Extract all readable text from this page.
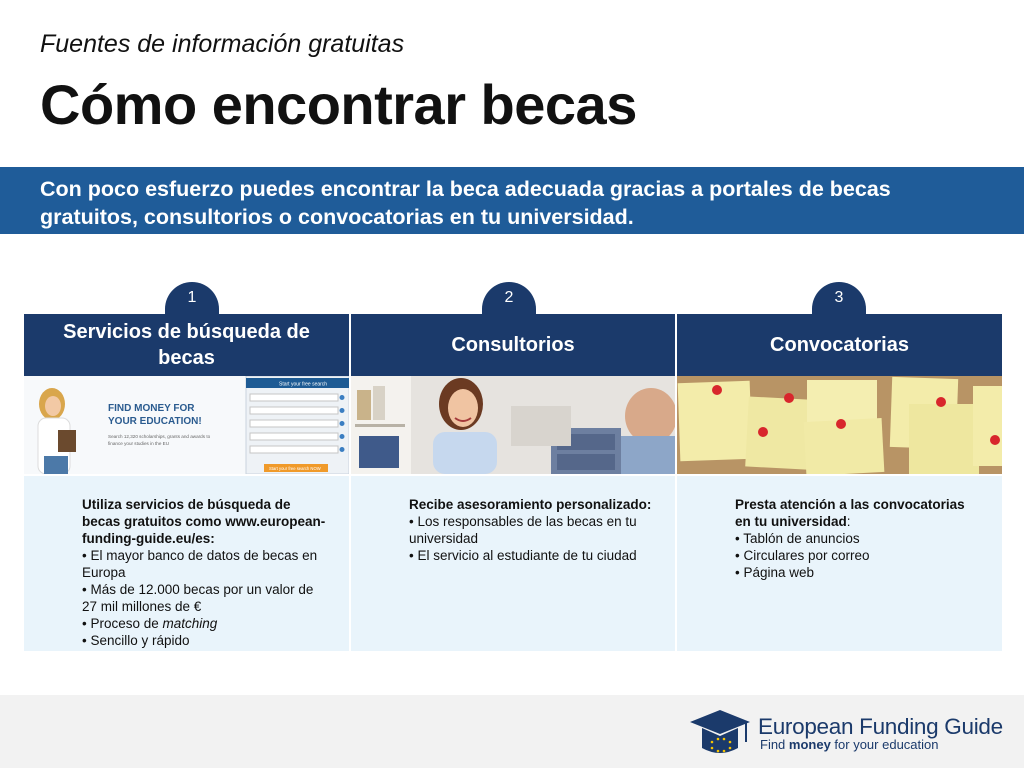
Fuentes de información gratuitas
Cómo encontrar becas
Con poco esfuerzo puedes encontrar la beca adecuada gracias a portales de becas
gratuitos, consultorios o convocatorias en tu universidad.
1	2	3
Servicios de búsqueda de
becas
Consultorios	Convocatorias
FIND MONEY FOR
YOUR EDUCATION!
Search 12,320 scholarships, grants and awards to
finance your studies in the EU
Start your free search
Start your free search NOW
Utiliza servicios de búsqueda de
becas gratuitos como www.european-
funding-guide.eu/es:
• El mayor banco de datos de becas en
Europa
• Más de 12.000 becas por un valor de
27 mil millones de €
• Proceso de matching
• Sencillo y rápido
Recibe asesoramiento personalizado:
• Los responsables de las becas en tu
universidad
• El servicio al estudiante de tu ciudad
Presta atención a las convocatorias
en tu universidad:
• Tablón de anuncios
• Circulares por correo
• Página web
European Funding Guide
Find money for your education
